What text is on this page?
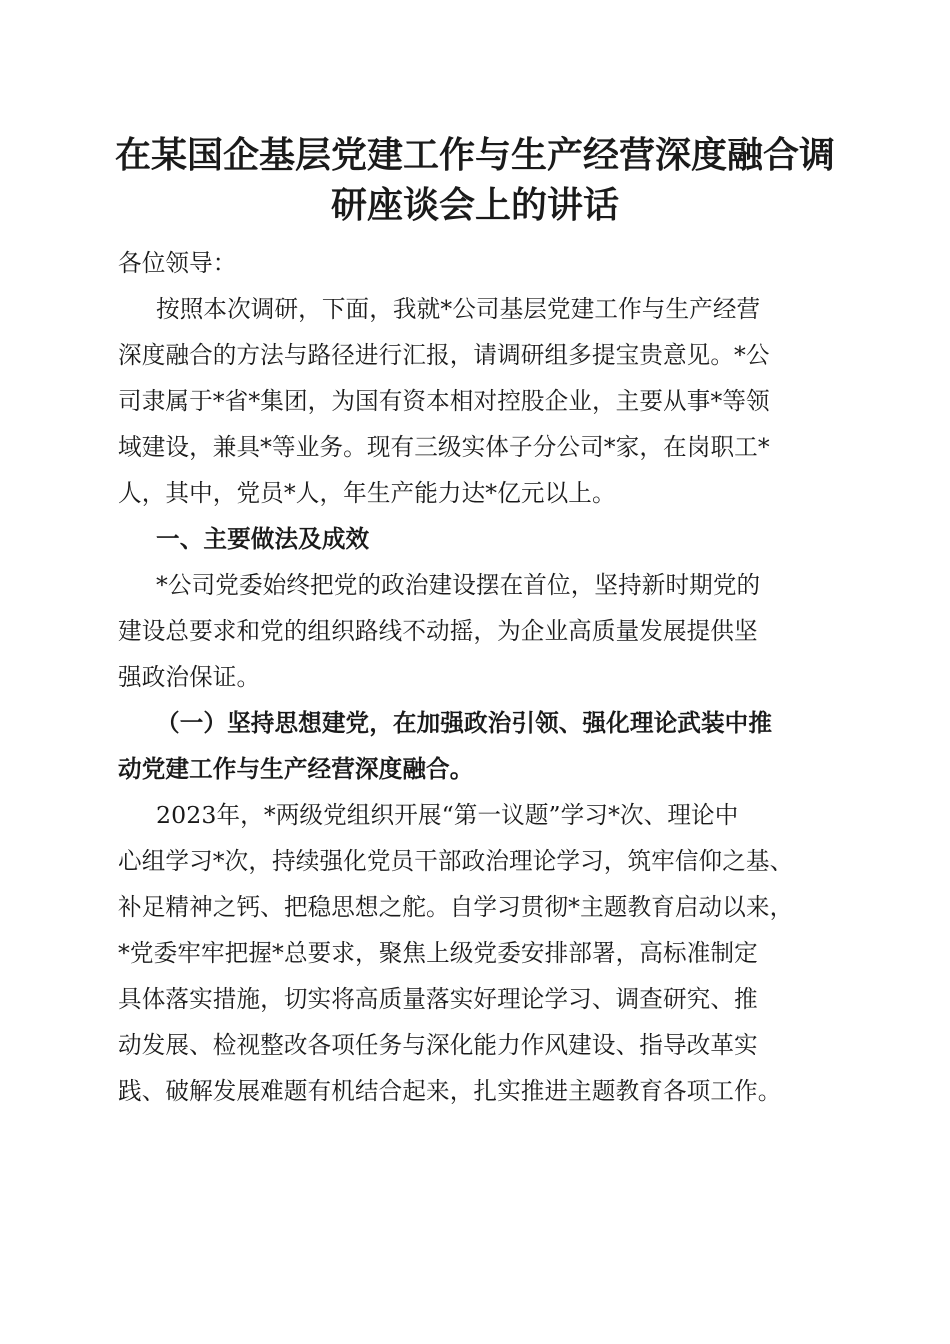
在某国企基层党建工作与生产经营深度融合调
研座谈会上的讲话
各位领导：
按照本次调研，下面，我就*公司基层党建工作与生产经营
深度融合的方法与路径进行汇报，请调研组多提宝贵意见。*公
司隶属于*省*集团，为国有资本相对控股企业，主要从事*等领
域建设，兼具*等业务。现有三级实体子分公司*家，在岗职工*
人，其中，党员*人，年生产能力达*亿元以上。
一、主要做法及成效
*公司党委始终把党的政治建设摆在首位，坚持新时期党的
建设总要求和党的组织路线不动摇，为企业高质量发展提供坚
强政治保证。
（一）坚持思想建党，在加强政治引领、强化理论武装中推
动党建工作与生产经营深度融合。
2023年，*两级党组织开展“第一议题”学习*次、理论中
心组学习*次，持续强化党员干部政治理论学习，筑牢信仰之基、
补足精神之钙、把稳思想之舵。自学习贯彻*主题教育启动以来，
*党委牢牢把握*总要求，聚焦上级党委安排部署，高标准制定
具体落实措施，切实将高质量落实好理论学习、调查研究、推
动发展、检视整改各项任务与深化能力作风建设、指导改革实
践、破解发展难题有机结合起来，扎实推进主题教育各项工作。
